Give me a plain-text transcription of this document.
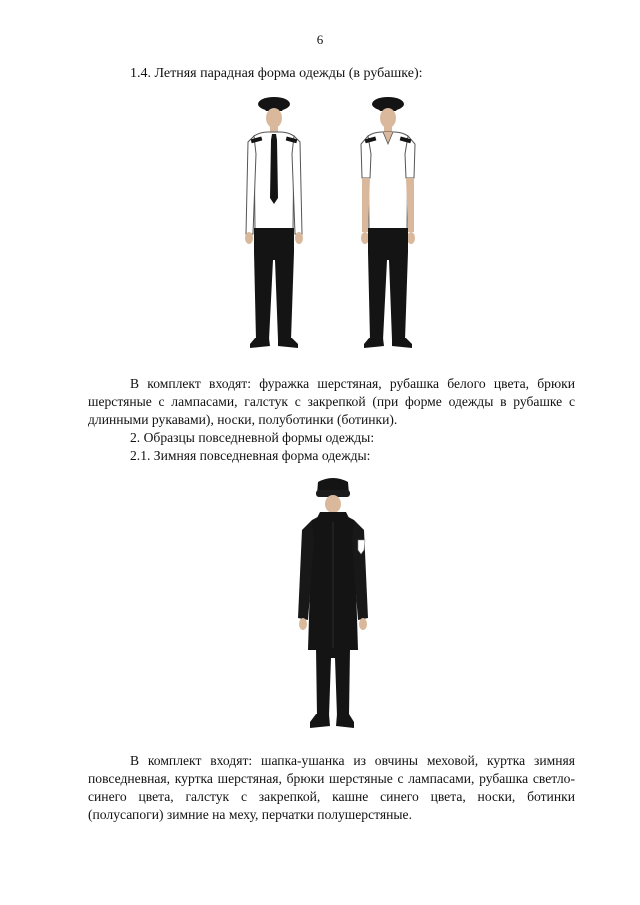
6
1.4. Летняя парадная форма одежды (в рубашке):
В комплект входят: фуражка шерстяная, рубашка белого цвета, брюки шерстяные с лампасами, галстук с закрепкой (при форме одежды в рубашке с длинными рукавами), носки, полуботинки (ботинки).
2. Образцы повседневной формы одежды:
2.1. Зимняя повседневная форма одежды:
В комплект входят: шапка-ушанка из овчины меховой, куртка зимняя повседневная, куртка шерстяная, брюки шерстяные с лампасами, рубашка светло-синего цвета, галстук с закрепкой, кашне синего цвета, носки, ботинки (полусапоги) зимние на меху, перчатки полушерстяные.
